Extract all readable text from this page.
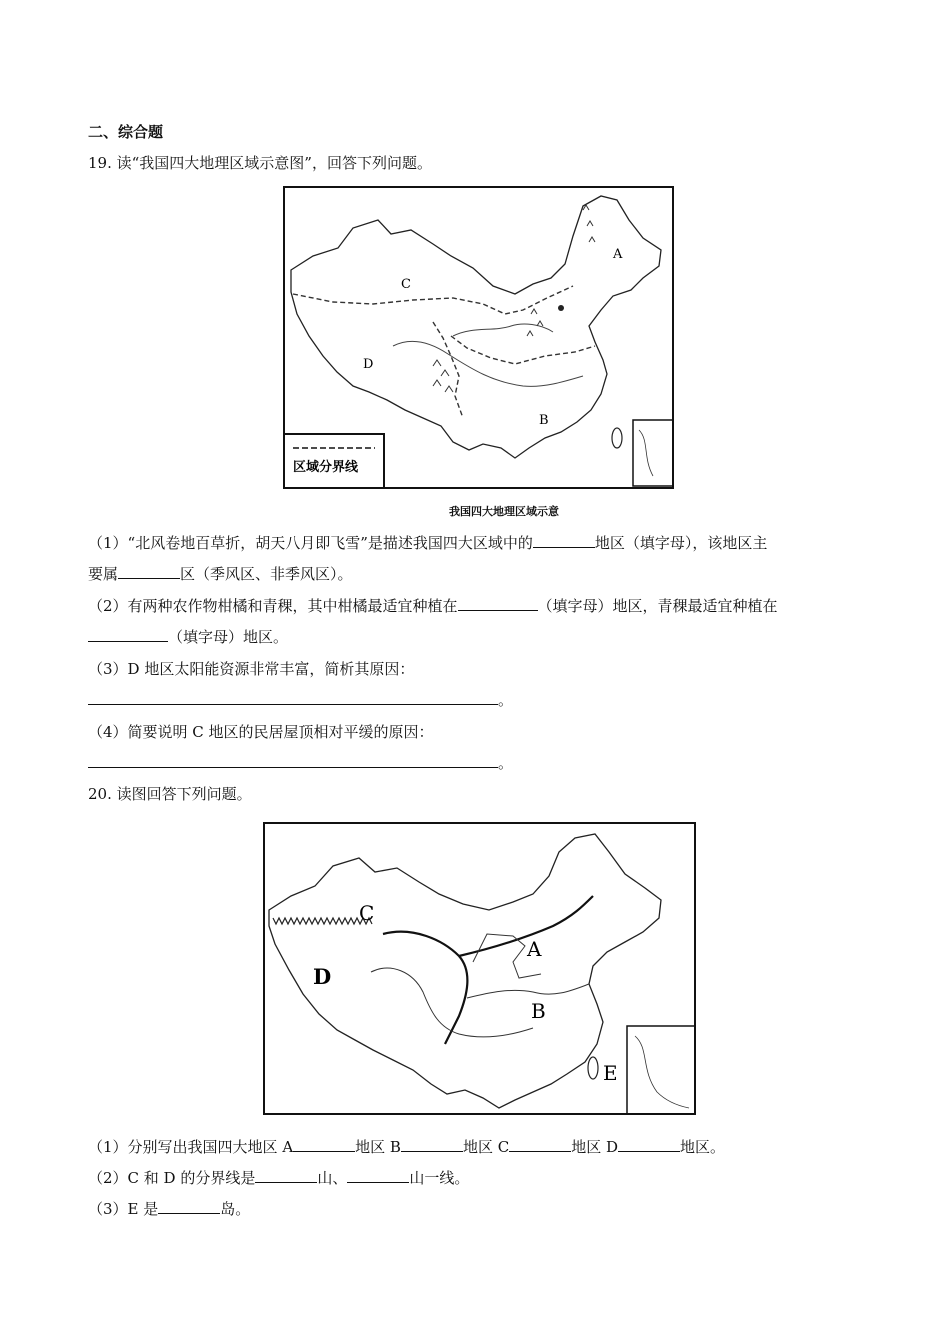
二、综合题
19. 读“我国四大地理区域示意图”，回答下列问题。
区域分界线
A
B
C
D
我国四大地理区域示意
（1）“北风卷地百草折，胡天八月即飞雪”是描述我国四大区域中的	地区（填字母），该地区主
要属	区（季风区、非季风区）。
（2）有两种农作物柑橘和青稞，其中柑橘最适宜种植在	（填字母）地区，青稞最适宜种植在
（填字母）地区。
（3）D 地区太阳能资源非常丰富，简析其原因：
。
（4）简要说明 C 地区的民居屋顶相对平缓的原因：
。
20. 读图回答下列问题。
A
B
C
D
E
（1）分别写出我国四大地区 A	地区 B	地区 C	地区 D	地区。
（2）C 和 D 的分界线是	山、	山一线。
（3）E 是	岛。
